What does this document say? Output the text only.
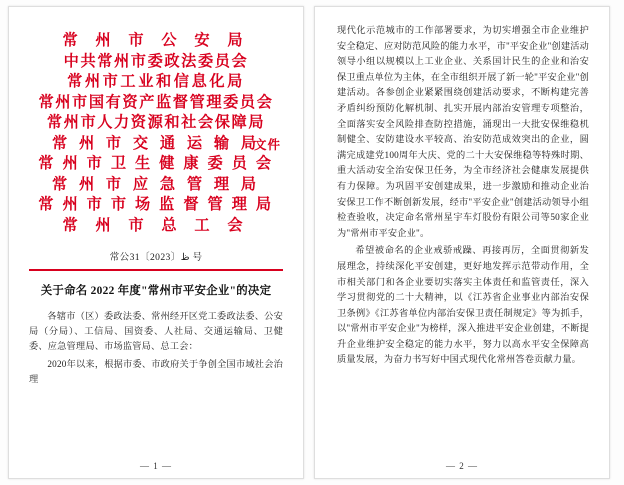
常 州 市 公 安 局
中共常州市委政法委员会
常州市工业和信息化局
常州市国有资产监督管理委员会
常州市人力资源和社会保障局
常 州 市 交 通 运 输 局
文件
常 州 市 卫 生 健 康 委 员 会
常 州 市 应 急 管 理 局
常 州 市 市 场 监 督 管 理 局
常 州 市 总 工 会
常公ظ〔2023〕31 号
关于命名 2022 年度"常州市平安企业"的决定

各辖市（区）委政法委、常州经开区党工委政法委、公安局（分局）、工信局、国资委、人社局、交通运输局、卫健委、应急管理局、市场监管局、总工会：

2020年以来，根据市委、市政府关于争创全国市域社会治理

— 1 —

现代化示范城市的工作部署要求，为切实增强全市企业维护安全稳定、应对防范风险的能力水平，市"平安企业"创建活动领导小组以规模以上工业企业、关系国计民生的企业和治安保卫重点单位为主体，在全市组织开展了新一轮"平安企业"创建活动。各参创企业紧紧围绕创建活动要求，不断构建完善矛盾纠纷预防化解机制、扎实开展内部治安管理专项整治，全面落实安全风险排查防控措施，涌现出一大批安保维稳机制健全、安防建设水平较高、治安防范成效突出的企业，圆满完成建党100周年大庆、党的二十大安保维稳等特殊时期、重大活动安全治安保卫任务，为全市经济社会健康发展提供有力保障。为巩固平安创建成果，进一步激励和推动企业治安保卫工作不断创新发展，经市"平安企业"创建活动领导小组检查验收，决定命名常州星宇车灯股份有限公司等50家企业为"常州市平安企业"。

希望被命名的企业戒骄戒躁、再接再厉，全面贯彻新发展理念，持续深化平安创建，更好地发挥示范带动作用，全市相关部门和各企业要切实落实主体责任和监管责任，深入学习贯彻党的二十大精神，以《江苏省企业事业内部治安保卫条例》《江苏省单位内部治安保卫责任制规定》等为抓手，以"常州市平安企业"为榜样，深入推进平安企业创建，不断提升企业维护安全稳定的能力水平，努力以高水平安全保障高质量发展，为奋力书写好中国式现代化常州答卷贡献力量。

— 2 —
